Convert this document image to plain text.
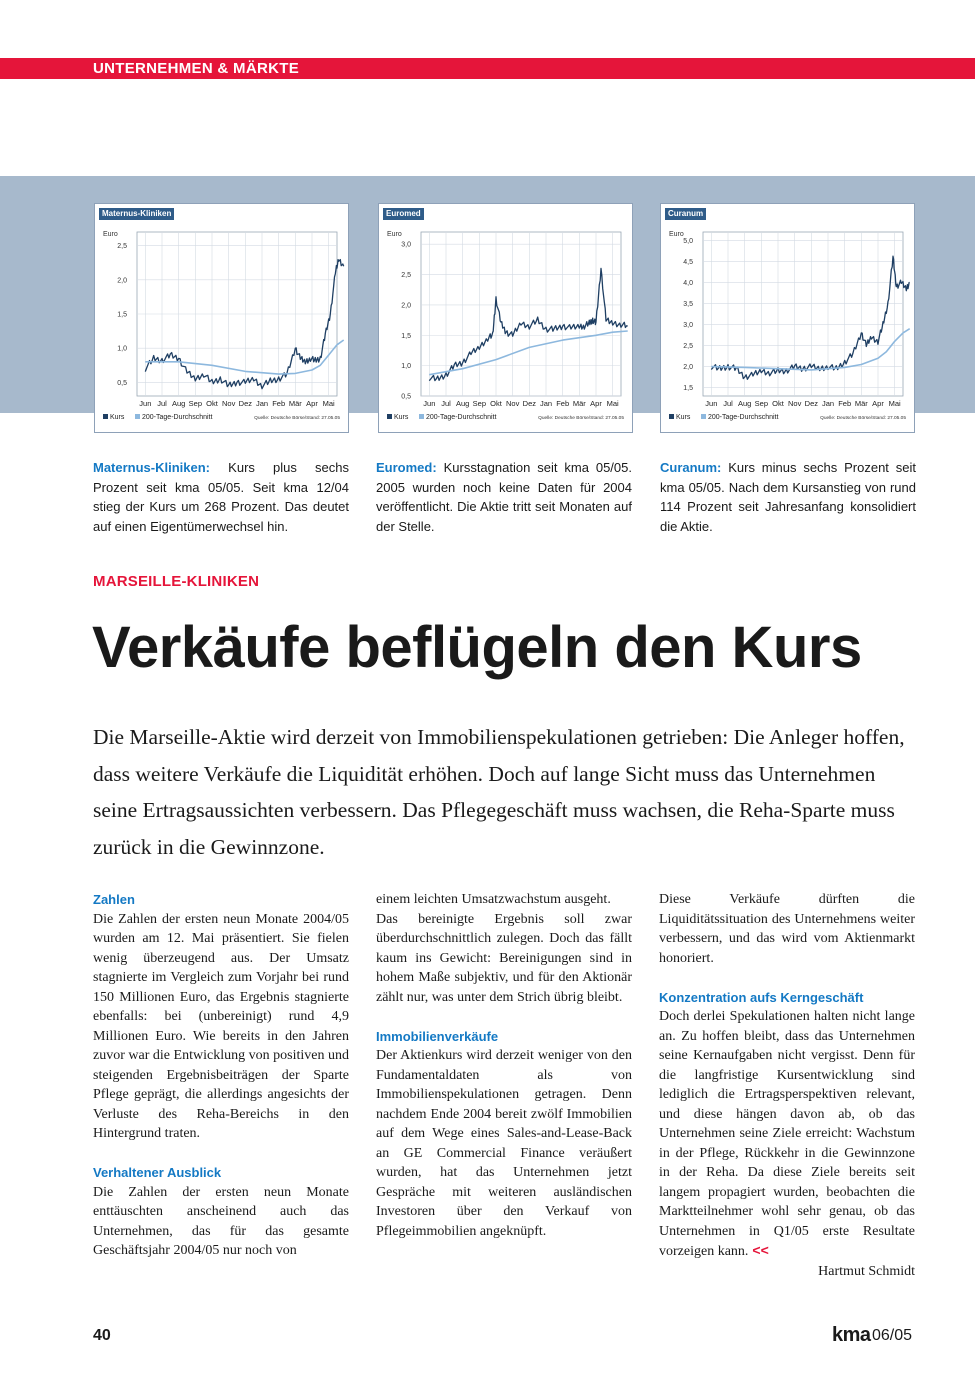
UNTERNEHMEN & MÄRKTE
Euro
0,5
1,0
1,5
2,0
2,5
Jun Jul Aug Sep Okt Nov Dez Jan Feb Mär Apr Mai
Kurs	200-Tage-Durchschnitt	Quelle: Deutsche Börse/Stand: 27.05.05
Maternus-Kliniken
Euro
0,5
1,0
1,5
2,0
2,5
3,0
Jun Jul Aug Sep Okt Nov Dez Jan Feb Mär Apr Mai
Kurs	200-Tage-Durchschnitt	Quelle: Deutsche Börse/Stand: 27.05.05
Euromed
Euro
1,5
2,0
2,5
3,0
3,5
4,0
4,5
5,0
Jun Jul Aug Sep Okt Nov Dez Jan Feb Mär Apr Mai
Kurs	200-Tage-Durchschnitt	Quelle: Deutsche Börse/Stand: 27.05.05
Curanum
Maternus-Kliniken: Kurs plus sechs Prozent seit kma 05/05. Seit kma 12/04 stieg der Kurs um 268 Prozent. Das deutet auf einen Eigentümerwechsel hin.
Euromed: Kursstagnation seit kma 05/05. 2005 wurden noch keine Daten für 2004 veröffentlicht. Die Aktie tritt seit Monaten auf der Stelle.
Curanum: Kurs minus sechs Prozent seit kma 05/05. Nach dem Kursanstieg von rund 114 Prozent seit Jahresanfang konsolidiert die Aktie.
MARSEILLE-KLINIKEN
Verkäufe beflügeln den Kurs
Die Marseille-Aktie wird derzeit von Immobilienspekulationen getrieben: Die Anleger hoffen, dass weitere Verkäufe die Liquidität erhöhen. Doch auf lange Sicht muss das Unternehmen seine Ertragsaussichten verbessern. Das Pflegegeschäft muss wachsen, die Reha-Sparte muss zurück in die Gewinnzone.
Zahlen

Die Zahlen der ersten neun Monate 2004/05 wurden am 12. Mai präsentiert. Sie fielen wenig überzeugend aus. Der Umsatz stagnierte im Vergleich zum Vorjahr bei rund 150 Millionen Euro, das Ergebnis stagnierte ebenfalls: bei (unbereinigt) rund 4,9 Millionen Euro. Wie bereits in den Jahren zuvor war die Entwicklung von positiven und steigenden Ergebnisbeiträgen der Sparte Pflege geprägt, die allerdings angesichts der Verluste des Reha-Bereichs in den Hintergrund traten.

Verhaltener Ausblick

Die Zahlen der ersten neun Monate enttäuschten anscheinend auch das Unternehmen, das für das gesamte Geschäftsjahr 2004/05 nur noch von

einem leichten Umsatzwachstum ausgeht.

Das bereinigte Ergebnis soll zwar überdurchschnittlich zulegen. Doch das fällt kaum ins Gewicht: Bereinigungen sind in hohem Maße subjektiv, und für den Aktionär zählt nur, was unter dem Strich übrig bleibt.

Immobilienverkäufe

Der Aktienkurs wird derzeit weniger von den Fundamentaldaten als von Immobilienspekulationen getragen. Denn nachdem Ende 2004 bereit zwölf Immobilien auf dem Wege eines Sales-and-Lease-Back an GE Commercial Finance veräußert wurden, hat das Unternehmen jetzt Gespräche mit weiteren ausländischen Investoren über den Verkauf von Pflegeimmobilien angeknüpft.

Diese Verkäufe dürften die Liquiditätssituation des Unternehmens weiter verbessern, und das wird vom Aktienmarkt honoriert.

Konzentration aufs Kerngeschäft

Doch derlei Spekulationen halten nicht lange an. Zu hoffen bleibt, dass das Unternehmen seine Kernaufgaben nicht vergisst. Denn für die langfristige Kursentwicklung sind lediglich die Ertragsperspektiven relevant, und diese hängen davon ab, ob das Unternehmen seine Ziele erreicht: Wachstum in der Pflege, Rückkehr in die Gewinnzone in der Reha. Da diese Ziele bereits seit langem propagiert wurden, beobachten die Marktteilnehmer wohl sehr genau, ob das Unternehmen in Q1/05 erste Resultate vorzeigen kann. <<

Hartmut Schmidt
40	kma 06/05
